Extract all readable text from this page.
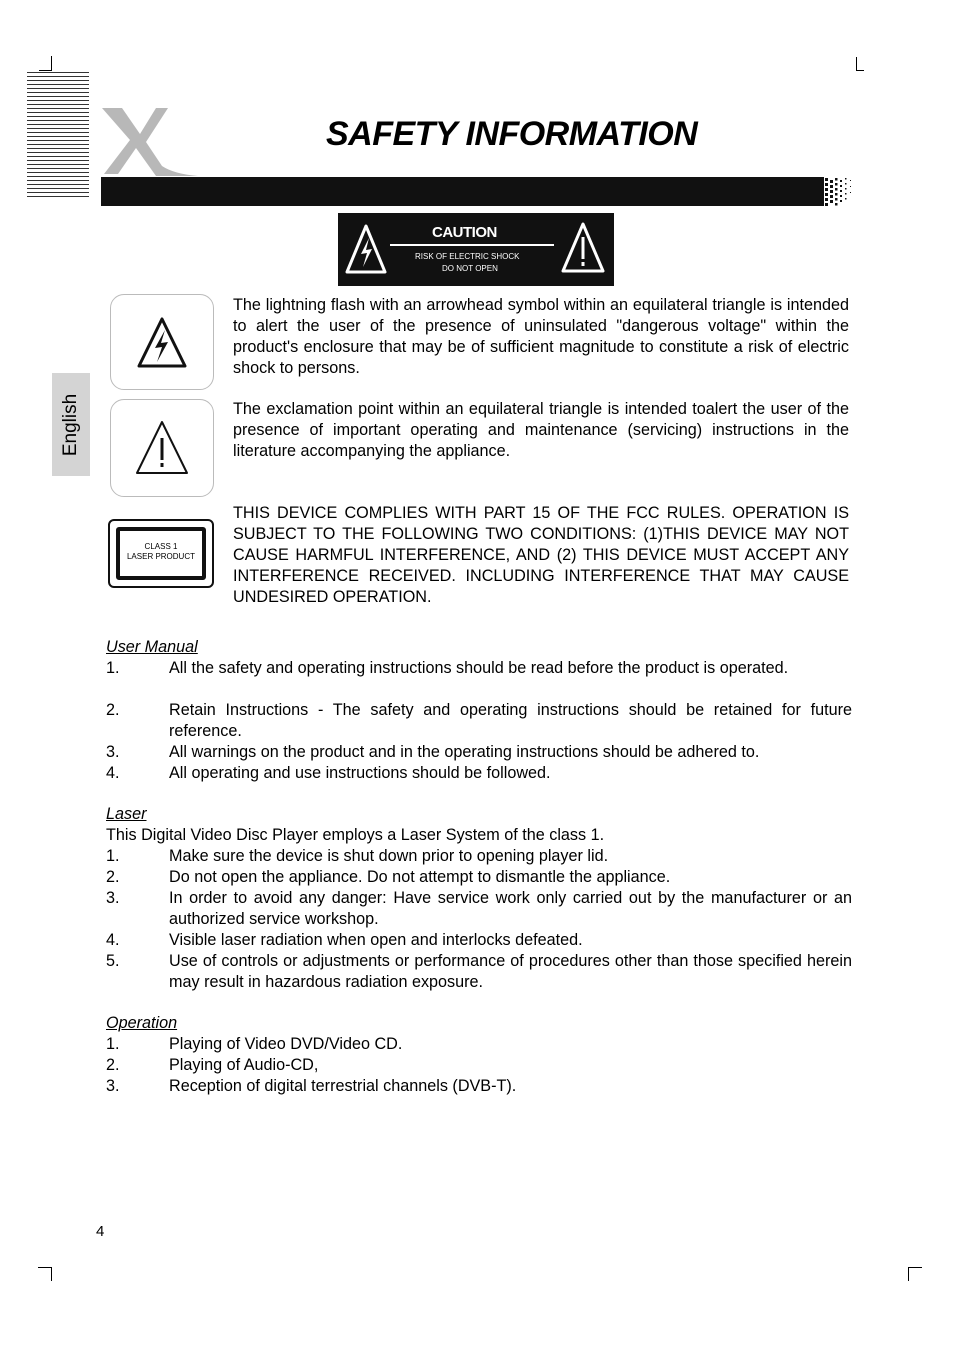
SAFETY INFORMATION
CAUTION
RISK OF ELECTRIC SHOCK
DO NOT OPEN
CLASS 1
LASER PRODUCT
English

The lightning flash with an arrowhead symbol within an equilateral triangle is intended to alert the user of the presence of uninsulated "dangerous voltage" within the product's enclosure that may be of sufficient magnitude to constitute a risk of electric shock to persons.

The exclamation point within an equilateral triangle is intended toalert the user of the presence of important operating and maintenance (servicing) instructions in the literature accompanying the appliance.

THIS DEVICE COMPLIES WITH PART 15 OF THE FCC RULES. OPERATION IS SUBJECT TO THE FOLLOWING TWO CONDITIONS: (1)THIS DEVICE MAY NOT CAUSE HARMFUL INTERFERENCE, AND (2) THIS DEVICE MUST ACCEPT ANY INTERFERENCE RECEIVED. INCLUDING INTERFERENCE THAT MAY CAUSE UNDESIRED OPERATION.

User Manual
1.	All the safety and operating instructions should be read before the product is operated.
2.	Retain Instructions - The safety and operating instructions should be retained for future reference.
3.	All warnings on the product and in the operating instructions should be adhered to.
4.	All operating and use instructions should be followed.
Laser
This Digital Video Disc Player employs a Laser System of the class 1.
1.	Make sure the device is shut down prior to opening player lid.
2.	Do not open the appliance. Do not attempt to dismantle the appliance.
3.	In order to avoid any danger: Have service work only carried out by the manufacturer or an authorized service workshop.
4.	Visible laser radiation when open and interlocks defeated.
5.	Use of controls or adjustments or performance of procedures other than those specified herein may result in hazardous radiation exposure.
Operation
1.	Playing of Video DVD/Video CD.
2.	Playing of Audio-CD,
3.	Reception of digital terrestrial channels (DVB-T).
4
